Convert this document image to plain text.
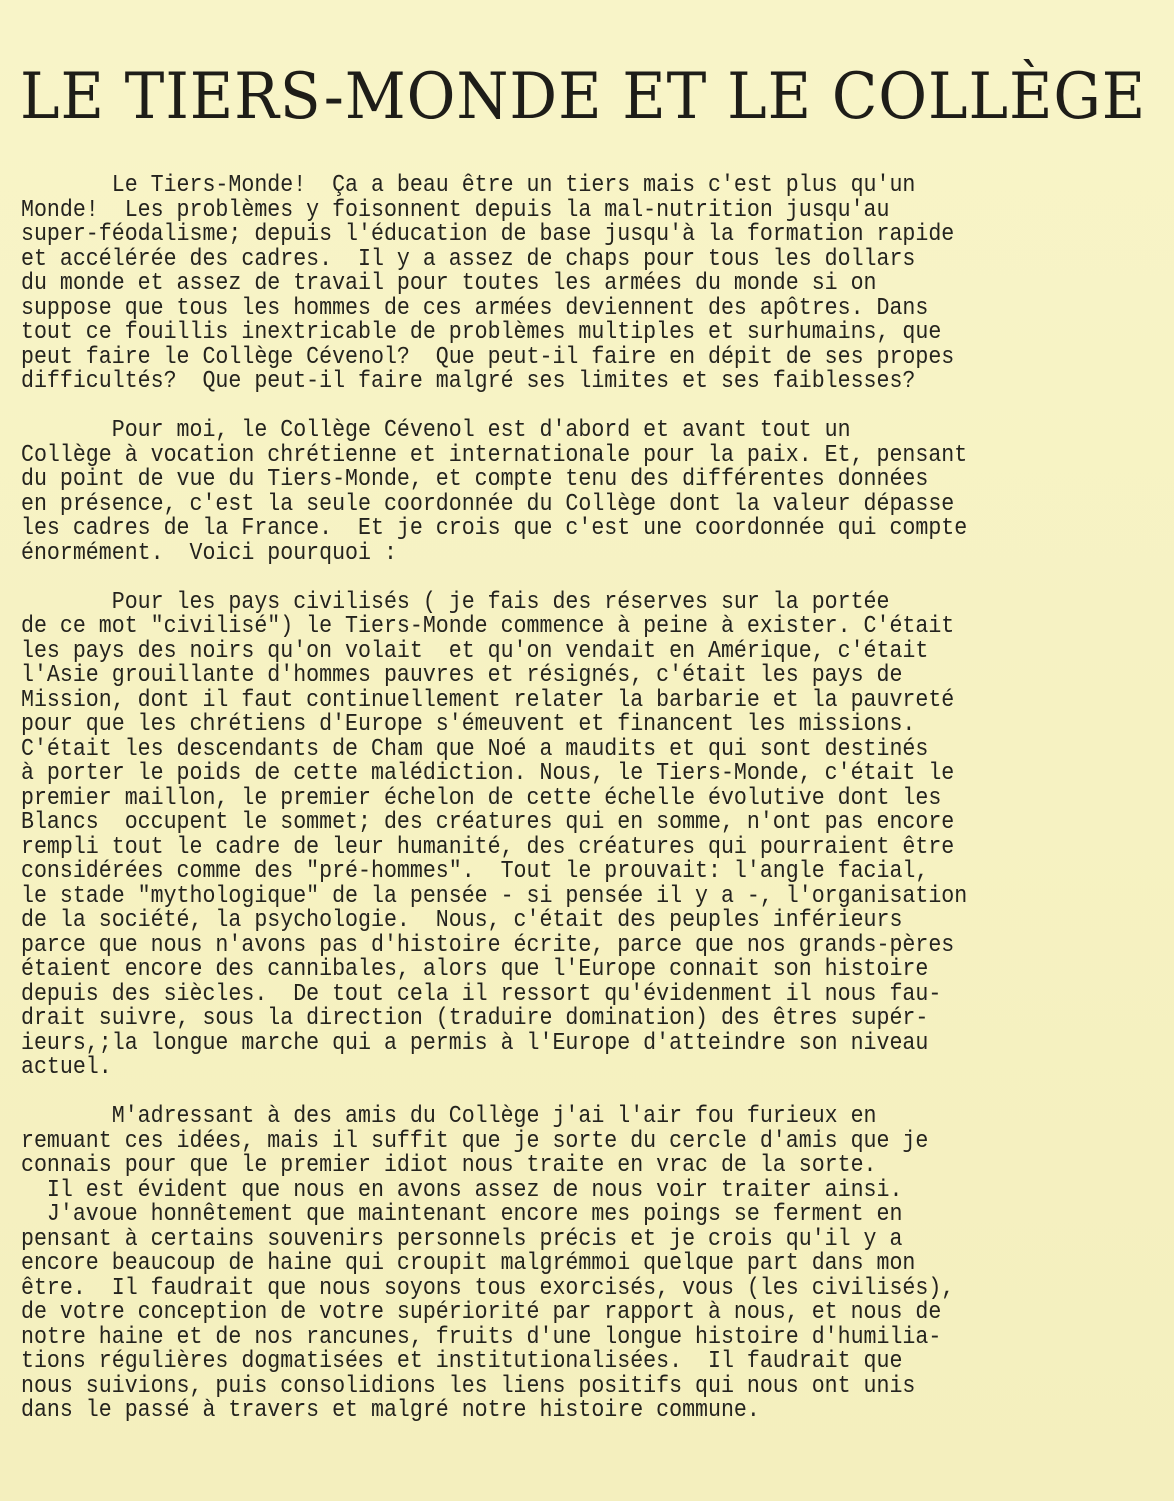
LE TIERS-MONDE ET LE COLLÈGE
Le Tiers-Monde!  Ça a beau être un tiers mais c'est plus qu'un
Monde!  Les problèmes y foisonnent depuis la mal-nutrition jusqu'au
super-féodalisme; depuis l'éducation de base jusqu'à la formation rapide
et accélérée des cadres.  Il y a assez de chaps pour tous les dollars
du monde et assez de travail pour toutes les armées du monde si on
suppose que tous les hommes de ces armées deviennent des apôtres. Dans
tout ce fouillis inextricable de problèmes multiples et surhumains, que
peut faire le Collège Cévenol?  Que peut-il faire en dépit de ses propes
difficultés?  Que peut-il faire malgré ses limites et ses faiblesses?
Pour moi, le Collège Cévenol est d'abord et avant tout un
Collège à vocation chrétienne et internationale pour la paix. Et, pensant
du point de vue du Tiers-Monde, et compte tenu des différentes données
en présence, c'est la seule coordonnée du Collège dont la valeur dépasse
les cadres de la France.  Et je crois que c'est une coordonnée qui compte
énormément.  Voici pourquoi :
Pour les pays civilisés ( je fais des réserves sur la portée
de ce mot "civilisé") le Tiers-Monde commence à peine à exister. C'était
les pays des noirs qu'on volait  et qu'on vendait en Amérique, c'était
l'Asie grouillante d'hommes pauvres et résignés, c'était les pays de
Mission, dont il faut continuellement relater la barbarie et la pauvreté
pour que les chrétiens d'Europe s'émeuvent et financent les missions.
C'était les descendants de Cham que Noé a maudits et qui sont destinés
à porter le poids de cette malédiction. Nous, le Tiers-Monde, c'était le
premier maillon, le premier échelon de cette échelle évolutive dont les
Blancs  occupent le sommet; des créatures qui en somme, n'ont pas encore
rempli tout le cadre de leur humanité, des créatures qui pourraient être
considérées comme des "pré-hommes".  Tout le prouvait: l'angle facial,
le stade "mythologique" de la pensée - si pensée il y a -, l'organisation
de la société, la psychologie.  Nous, c'était des peuples inférieurs
parce que nous n'avons pas d'histoire écrite, parce que nos grands-pères
étaient encore des cannibales, alors que l'Europe connait son histoire
depuis des siècles.  De tout cela il ressort qu'évidenment il nous fau-
drait suivre, sous la direction (traduire domination) des êtres supér-
ieurs,;la longue marche qui a permis à l'Europe d'atteindre son niveau
actuel.
M'adressant à des amis du Collège j'ai l'air fou furieux en
remuant ces idées, mais il suffit que je sorte du cercle d'amis que je
connais pour que le premier idiot nous traite en vrac de la sorte.
Il est évident que nous en avons assez de nous voir traiter ainsi.
J'avoue honnêtement que maintenant encore mes poings se ferment en
pensant à certains souvenirs personnels précis et je crois qu'il y a
encore beaucoup de haine qui croupit malgrémmoi quelque part dans mon
être.  Il faudrait que nous soyons tous exorcisés, vous (les civilisés),
de votre conception de votre supériorité par rapport à nous, et nous de
notre haine et de nos rancunes, fruits d'une longue histoire d'humilia-
tions régulières dogmatisées et institutionalisées.  Il faudrait que
nous suivions, puis consolidions les liens positifs qui nous ont unis
dans le passé à travers et malgré notre histoire commune.
